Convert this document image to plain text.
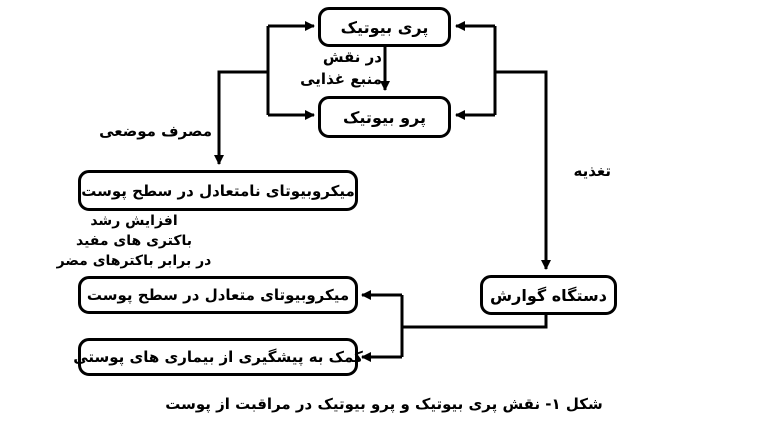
پری بیوتیک
پرو بیوتیک
میکروبیوتای نامتعادل در سطح پوست
میکروبیوتای متعادل در سطح پوست
کمک به پیشگیری از بیماری های پوستی
دستگاه گوارش
در نقش
منبع غذایی
مصرف موضعی
افزایش رشد
باکتری های مفید
در برابر باکترهای مضر
تغذیه
شکل ۱- نقش پری بیوتیک و پرو بیوتیک در مراقبت از پوست
